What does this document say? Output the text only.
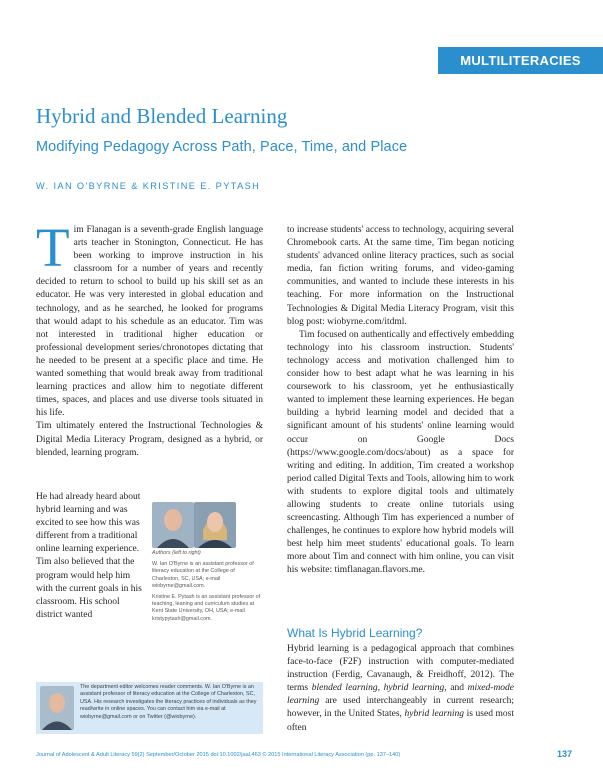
MULTILITERACIES
Hybrid and Blended Learning
Modifying Pedagogy Across Path, Pace, Time, and Place
W. IAN O'BYRNE & KRISTINE E. PYTASH

Tim Flanagan is a seventh-grade English language arts teacher in Stonington, Connecticut. He has been working to improve instruction in his classroom for a number of years and recently decided to return to school to build up his skill set as an educator. He was very interested in global education and technology, and as he searched, he looked for programs that would adapt to his schedule as an educator. Tim was not interested in traditional higher education or professional development series/chronotopes dictating that he needed to be present at a specific place and time. He wanted something that would break away from traditional learning practices and allow him to negotiate different times, spaces, and places and use diverse tools situated in his life.

Tim ultimately entered the Instructional Technologies & Digital Media Literacy Program, designed as a hybrid, or blended, learning program.

He had already heard about hybrid learning and was excited to see how this was different from a traditional online learning experience. Tim also believed that the program would help him with the current goals in his classroom. His school district wanted

Authors (left to right)
W. Ian O'Byrne is an assistant professor of literacy education at the College of Charleston, SC, USA; e-mail wiobyrne@gmail.com.
Kristine E. Pytash is an assistant professor of teaching, leaning and curriculum studies at Kent State University, OH, USA; e-mail kristypytash@gmail.com.

to increase students' access to technology, acquiring several Chromebook carts. At the same time, Tim began noticing students' advanced online literacy practices, such as social media, fan fiction writing forums, and video-gaming communities, and wanted to include these interests in his teaching. For more information on the Instructional Technologies & Digital Media Literacy Program, visit this blog post: wiobyrne.com/itdml.

Tim focused on authentically and effectively embedding technology into his classroom instruction. Students' technology access and motivation challenged him to consider how to best adapt what he was learning in his coursework to his classroom, yet he enthusiastically wanted to implement these learning experiences. He began building a hybrid learning model and decided that a significant amount of his students' online learning would occur on Google Docs (https://www.google.com/docs/about) as a space for writing and editing. In addition, Tim created a workshop period called Digital Texts and Tools, allowing him to work with students to explore digital tools and ultimately allowing students to create online tutorials using screencasting. Although Tim has experienced a number of challenges, he continues to explore how hybrid models will best help him meet students' educational goals. To learn more about Tim and connect with him online, you can visit his website: timflanagan.flavors.me.

What Is Hybrid Learning?

Hybrid learning is a pedagogical approach that combines face-to-face (F2F) instruction with computer-mediated instruction (Ferdig, Cavanaugh, & Freidhoff, 2012). The terms blended learning, hybrid learning, and mixed-mode learning are used interchangeably in current research; however, in the United States, hybrid learning is used most often

The department editor welcomes reader comments. W. Ian O'Byrne is an assistant professor of literacy education at the College of Charleston, SC, USA. His research investigates the literacy practices of individuals as they read/write in online spaces. You can contact him via e-mail at wiobyrne@gmail.com or on Twitter (@wiobyrne).
Journal of Adolescent & Adult Literacy 59(2) September/October 2015 doi:10.1002/jaal.463 © 2015 International Literacy Association (pp. 137–140)	137
